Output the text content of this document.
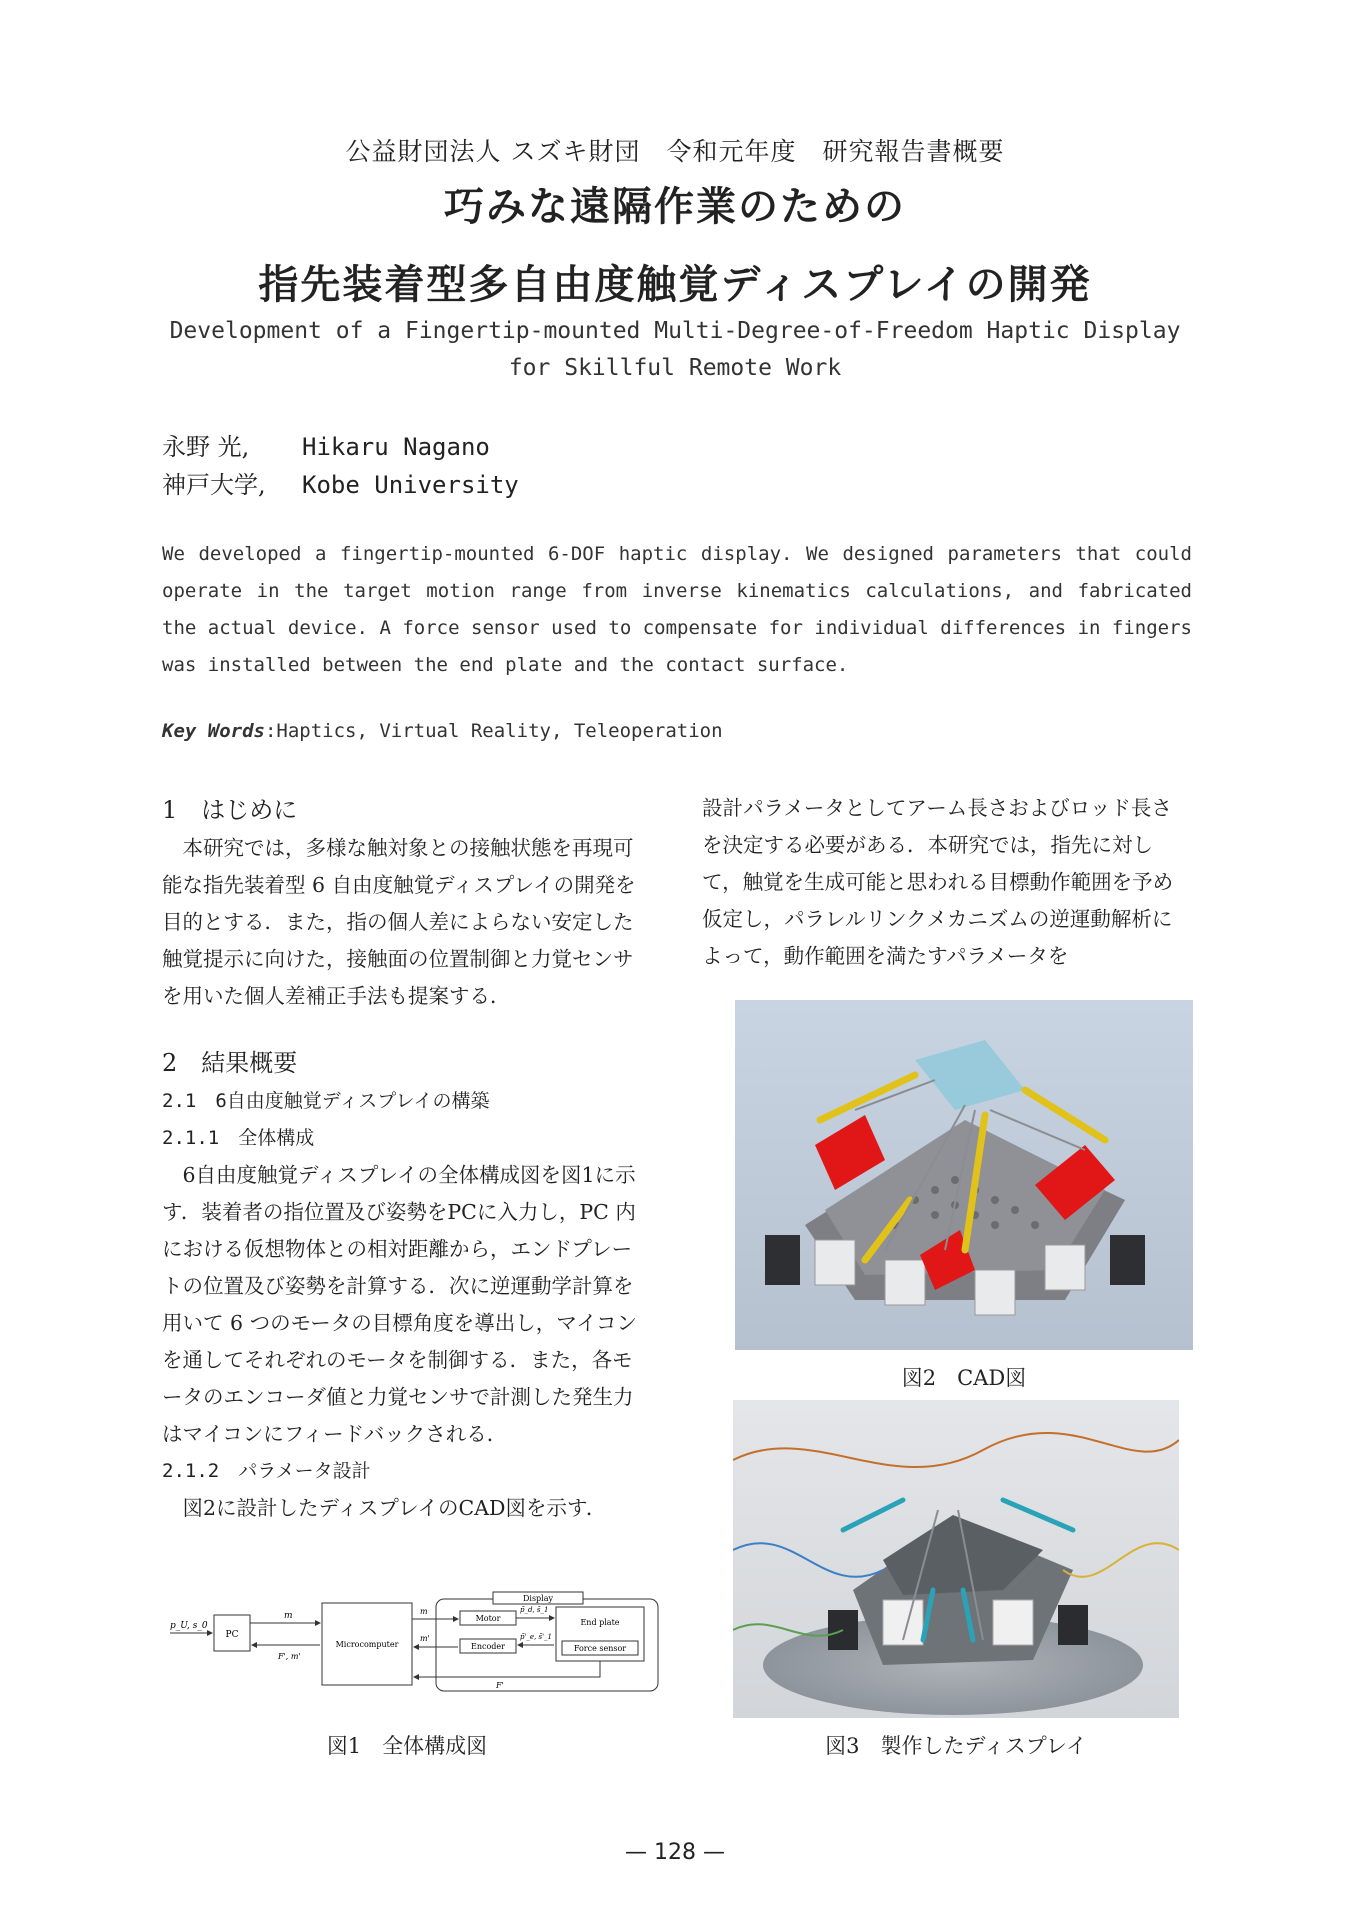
公益財団法人 スズキ財団　令和元年度　研究報告書概要
巧みな遠隔作業のための
指先装着型多自由度触覚ディスプレイの開発
Development of a Fingertip-mounted Multi-Degree-of-Freedom Haptic Display
for Skillful Remote Work
永野 光, Hikaru Nagano
神戸大学, Kobe University
We developed a fingertip-mounted 6-DOF haptic display. We designed parameters that could operate in the target motion range from inverse kinematics calculations, and fabricated the actual device. A force sensor used to compensate for individual differences in fingers was installed between the end plate and the contact surface.
Key Words:Haptics, Virtual Reality, Teleoperation
1　はじめに

本研究では，多様な触対象との接触状態を再現可能な指先装着型 6 自由度触覚ディスプレイの開発を目的とする．また，指の個人差によらない安定した触覚提示に向けた，接触面の位置制御と力覚センサを用いた個人差補正手法も提案する．

2　結果概要
2.1　6自由度触覚ディスプレイの構築
2.1.1　全体構成

6自由度触覚ディスプレイの全体構成図を図1に示す．装着者の指位置及び姿勢をPCに入力し，PC 内における仮想物体との相対距離から，エンドプレートの位置及び姿勢を計算する．次に逆運動学計算を用いて 6 つのモータの目標角度を導出し，マイコンを通してそれぞれのモータを制御する．また，各モータのエンコーダ値と力覚センサで計測した発生力はマイコンにフィードバックされる．

2.1.2　パラメータ設計

図2に設計したディスプレイのCAD図を示す．

設計パラメータとしてアーム長さおよびロッド長さを決定する必要がある．本研究では，指先に対して，触覚を生成可能と思われる目標動作範囲を予め仮定し，パラレルリンクメカニズムの逆運動解析によって，動作範囲を満たすパラメータを

p_U, s_0
PC
m
F', m'
Microcomputer
Display
m
m'
Motor
Encoder
p̃_d, s̃_1
p̃'_e, s̃'_1
End plate
Force sensor
F'
図1　全体構成図
図2　CAD図
図3　製作したディスプレイ
— 128 —
